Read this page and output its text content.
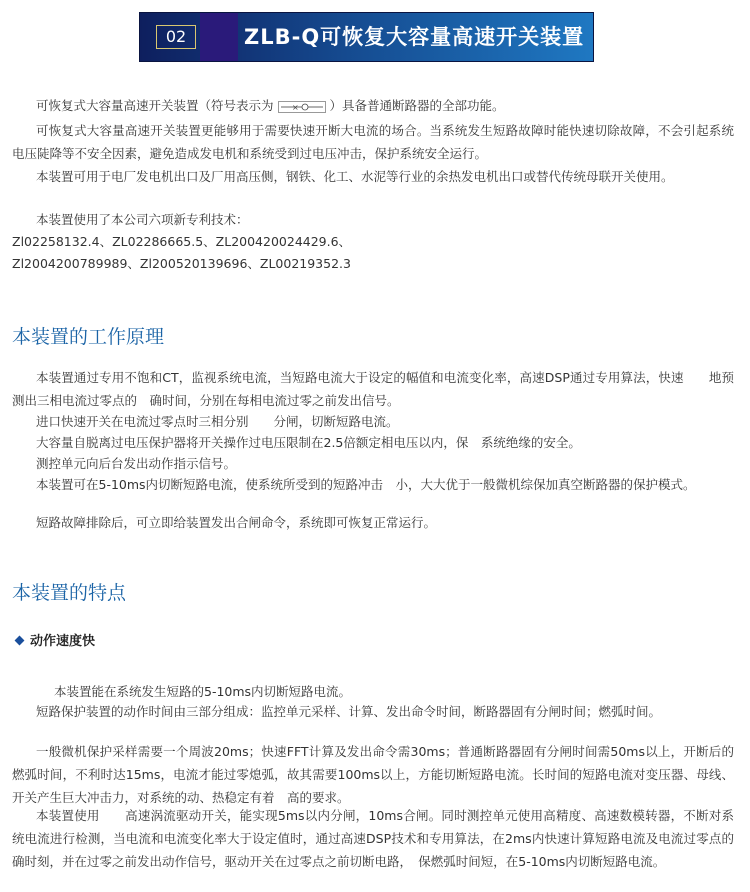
02	ZLB-Q可恢复大容量高速开关装置
可恢复式大容量高速开关装置（符号表示为 ×	）具备普通断路器的全部功能。
可恢复式大容量高速开关装置更能够用于需要快速开断大电流的场合。当系统发生短路故障时能快速切除故障，不会引起系统电压陡降等不安全因素，避免造成发电机和系统受到过电压冲击，保护系统安全运行。
本装置可用于电厂发电机出口及厂用高压侧，钢铁、化工、水泥等行业的余热发电机出口或替代传统母联开关使用。
本装置使用了本公司六项新专利技术：
Zl02258132.4、ZL02286665.5、ZL200420024429.6、
Zl2004200789989、Zl200520139696、ZL00219352.3
本装置的工作原理
本装置通过专用不饱和CT，监视系统电流，当短路电流大于设定的幅值和电流变化率，高速DSP通过专用算法，快速　　地预测出三相电流过零点的　确时间，分别在每相电流过零之前发出信号。
进口快速开关在电流过零点时三相分别　　分闸，切断短路电流。
大容量自脱离过电压保护器将开关操作过电压限制在2.5倍额定相电压以内，保　系统绝缘的安全。
测控单元向后台发出动作指示信号。
本装置可在5-10ms内切断短路电流，使系统所受到的短路冲击　小，大大优于一般微机综保加真空断路器的保护模式。
短路故障排除后，可立即给装置发出合闸命令，系统即可恢复正常运行。
本装置的特点
动作速度快
本装置能在系统发生短路的5-10ms内切断短路电流。
短路保护装置的动作时间由三部分组成：监控单元采样、计算、发出命令时间，断路器固有分闸时间；燃弧时间。
一般微机保护采样需要一个周波20ms；快速FFT计算及发出命令需30ms；普通断路器固有分闸时间需50ms以上，开断后的燃弧时间，不利时达15ms，电流才能过零熄弧，故其需要100ms以上，方能切断短路电流。长时间的短路电流对变压器、母线、开关产生巨大冲击力，对系统的动、热稳定有着　高的要求。
本装置使用　　高速涡流驱动开关，能实现5ms以内分闸，10ms合闸。同时测控单元使用高精度、高速数模转器，不断对系统电流进行检测，当电流和电流变化率大于设定值时，通过高速DSP技术和专用算法，在2ms内快速计算短路电流及电流过零点的　确时刻，并在过零之前发出动作信号，驱动开关在过零点之前切断电路，　保燃弧时间短，在5-10ms内切断短路电流。
